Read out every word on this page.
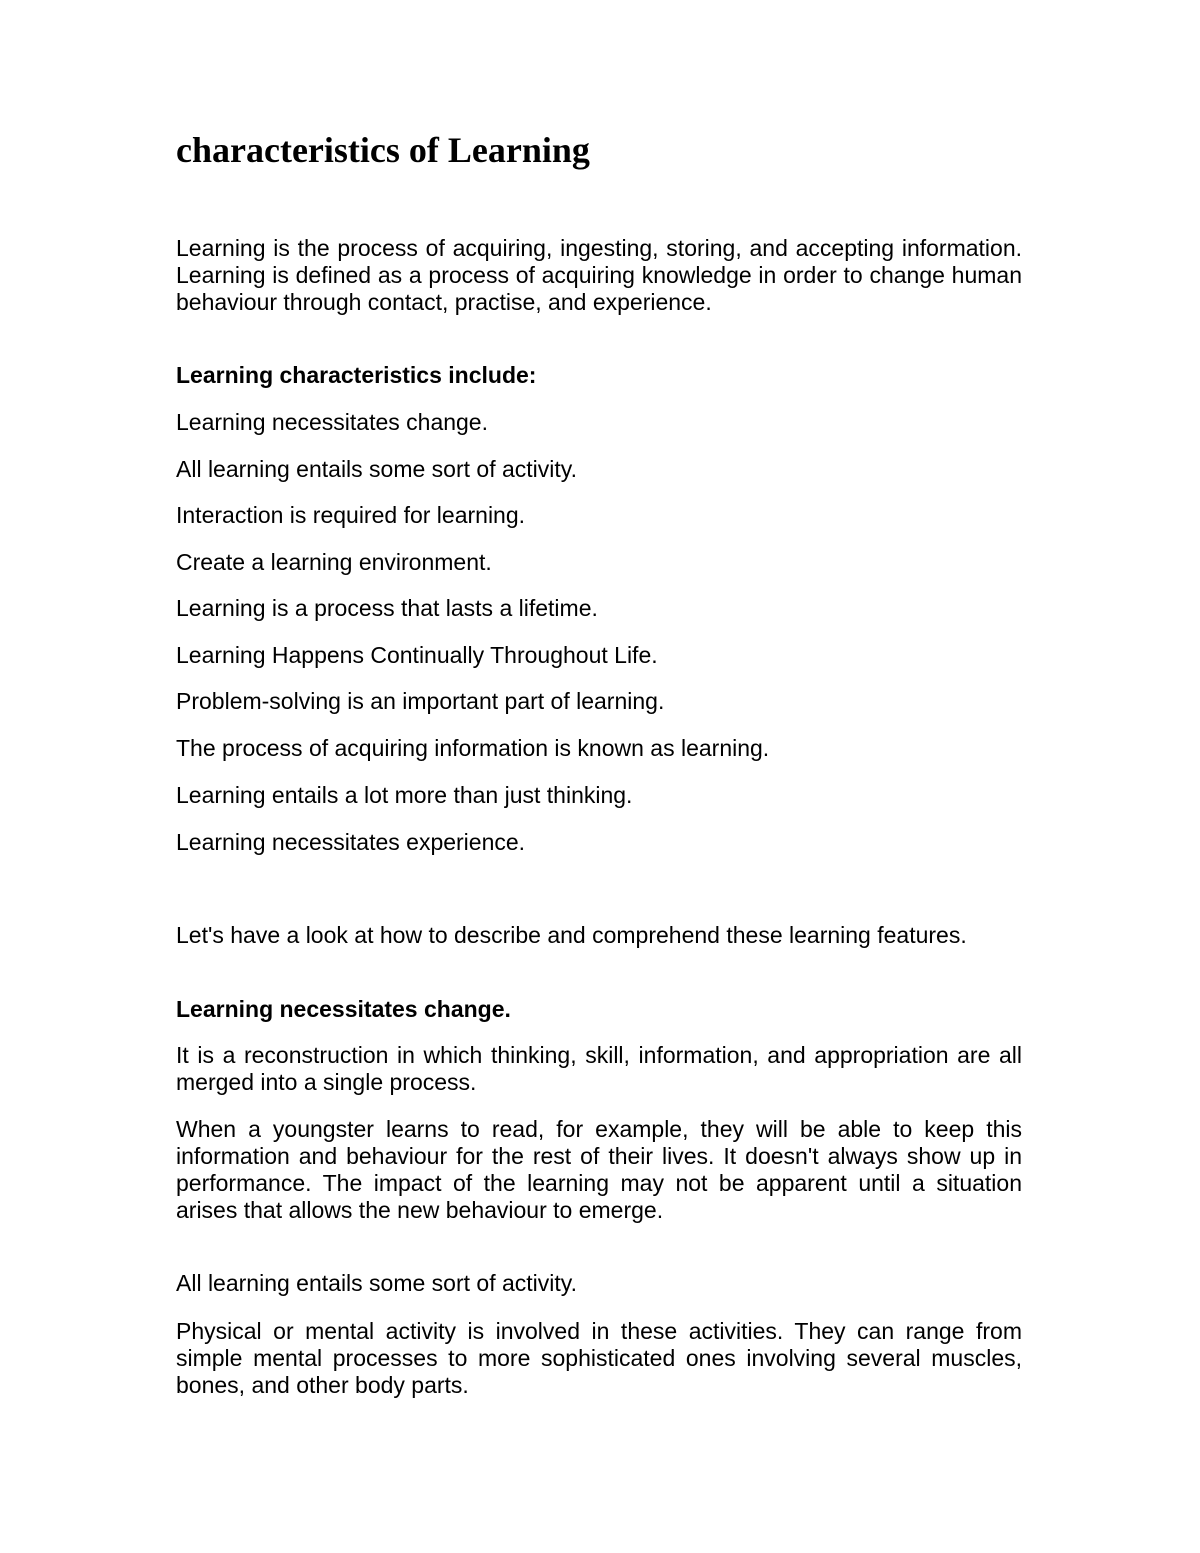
characteristics of Learning

Learning is the process of acquiring, ingesting, storing, and accepting information. Learning is defined as a process of acquiring knowledge in order to change human behaviour through contact, practise, and experience.

Learning characteristics include:

Learning necessitates change.

All learning entails some sort of activity.

Interaction is required for learning.

Create a learning environment.

Learning is a process that lasts a lifetime.

Learning Happens Continually Throughout Life.

Problem-solving is an important part of learning.

The process of acquiring information is known as learning.

Learning entails a lot more than just thinking.

Learning necessitates experience.

Let's have a look at how to describe and comprehend these learning features.

Learning necessitates change.

It is a reconstruction in which thinking, skill, information, and appropriation are all merged into a single process.

When a youngster learns to read, for example, they will be able to keep this information and behaviour for the rest of their lives. It doesn't always show up in performance. The impact of the learning may not be apparent until a situation arises that allows the new behaviour to emerge.

All learning entails some sort of activity.

Physical or mental activity is involved in these activities. They can range from simple mental processes to more sophisticated ones involving several muscles, bones, and other body parts.
